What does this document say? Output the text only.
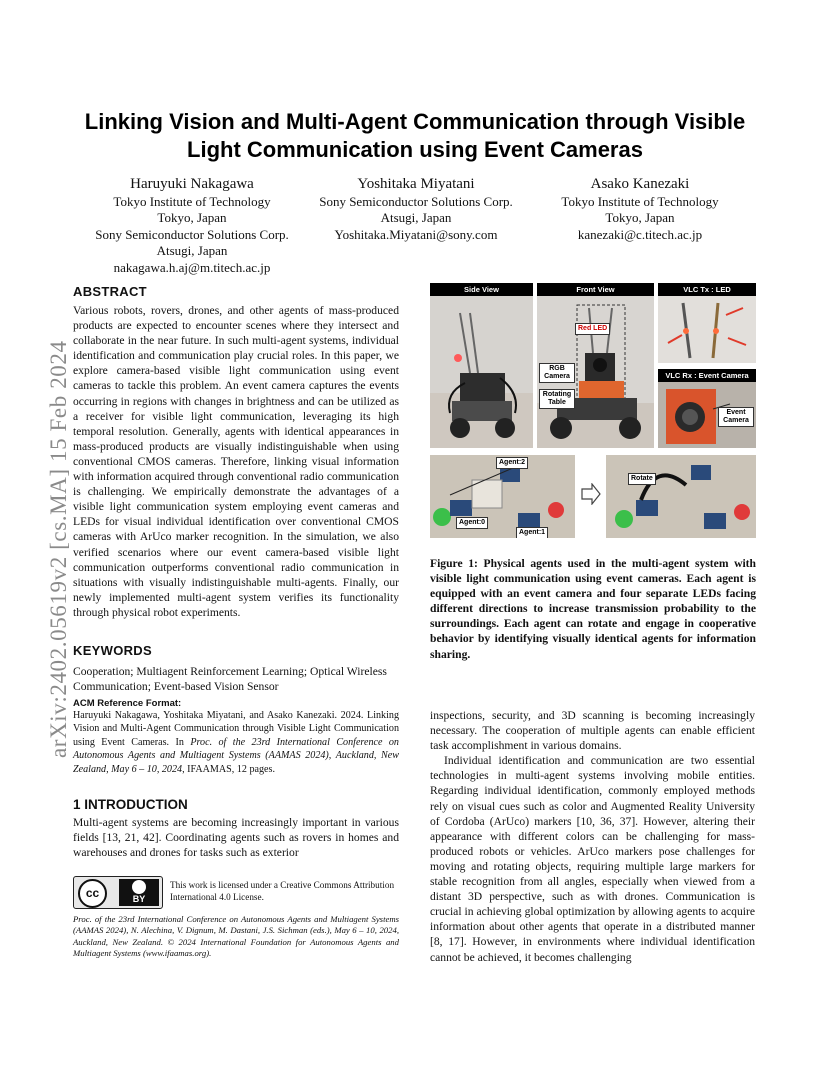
arXiv:2402.05619v2 [cs.MA] 15 Feb 2024
Linking Vision and Multi-Agent Communication through Visible
Light Communication using Event Cameras
Haruyuki Nakagawa
Tokyo Institute of Technology
Tokyo, Japan
Sony Semiconductor Solutions Corp.
Atsugi, Japan
nakagawa.h.aj@m.titech.ac.jp
Yoshitaka Miyatani
Sony Semiconductor Solutions Corp.
Atsugi, Japan
Yoshitaka.Miyatani@sony.com
Asako Kanezaki
Tokyo Institute of Technology
Tokyo, Japan
kanezaki@c.titech.ac.jp
ABSTRACT
Various robots, rovers, drones, and other agents of mass-produced products are expected to encounter scenes where they intersect and collaborate in the near future. In such multi-agent systems, individual identification and communication play crucial roles. In this paper, we explore camera-based visible light communication using event cameras to tackle this problem. An event camera captures the events occurring in regions with changes in brightness and can be utilized as a receiver for visible light communication, leveraging its high temporal resolution. Generally, agents with identical appearances in mass-produced products are visually indistinguishable when using conventional CMOS cameras. Therefore, linking visual information with information acquired through conventional radio communication is challenging. We empirically demonstrate the advantages of a visible light communication system employing event cameras and LEDs for visual individual identification over conventional CMOS cameras with ArUco marker recognition. In the simulation, we also verified scenarios where our event camera-based visible light communication outperforms conventional radio communication in situations with visually indistinguishable multi-agents. Finally, our newly implemented multi-agent system verifies its functionality through physical robot experiments.
KEYWORDS
Cooperation; Multiagent Reinforcement Learning; Optical Wireless Communication; Event-based Vision Sensor
ACM Reference Format:
Haruyuki Nakagawa, Yoshitaka Miyatani, and Asako Kanezaki. 2024. Linking Vision and Multi-Agent Communication through Visible Light Communication using Event Cameras. In Proc. of the 23rd International Conference on Autonomous Agents and Multiagent Systems (AAMAS 2024), Auckland, New Zealand, May 6 – 10, 2024, IFAAMAS, 12 pages.
1 INTRODUCTION
Multi-agent systems are becoming increasingly important in various fields [13, 21, 42]. Coordinating agents such as rovers in homes and warehouses and drones for tasks such as exterior
cc	BY
This work is licensed under a Creative Commons Attribution International 4.0 License.
Proc. of the 23rd International Conference on Autonomous Agents and Multiagent Systems (AAMAS 2024), N. Alechina, V. Dignum, M. Dastani, J.S. Sichman (eds.), May 6 – 10, 2024, Auckland, New Zealand. © 2024 International Foundation for Autonomous Agents and Multiagent Systems (www.ifaamas.org).
Side View	Front View
Red LED
RGB Camera
Rotating Table
VLC Tx : LED
VLC Rx : Event Camera
Event Camera
Agent:2
Agent:0
Agent:1
Rotate
Figure 1: Physical agents used in the multi-agent system with visible light communication using event cameras. Each agent is equipped with an event camera and four separate LEDs facing different directions to increase transmission probability to the surroundings. Each agent can rotate and engage in cooperative behavior by identifying visually identical agents for information sharing.
inspections, security, and 3D scanning is becoming increasingly necessary. The cooperation of multiple agents can enable efficient task accomplishment in various domains.
Individual identification and communication are two essential technologies in multi-agent systems involving mobile entities. Regarding individual identification, commonly employed methods rely on visual cues such as color and Augmented Reality University of Cordoba (ArUco) markers [10, 36, 37]. However, altering their appearance with different colors can be challenging for mass-produced robots or vehicles. ArUco markers pose challenges for moving and rotating objects, requiring multiple large markers for stable recognition from all angles, especially when viewed from a distant 3D perspective, such as with drones. Communication is crucial in achieving global optimization by allowing agents to acquire information about other agents that operate in a distributed manner [8, 17]. However, in environments where individual identification cannot be achieved, it becomes challenging
